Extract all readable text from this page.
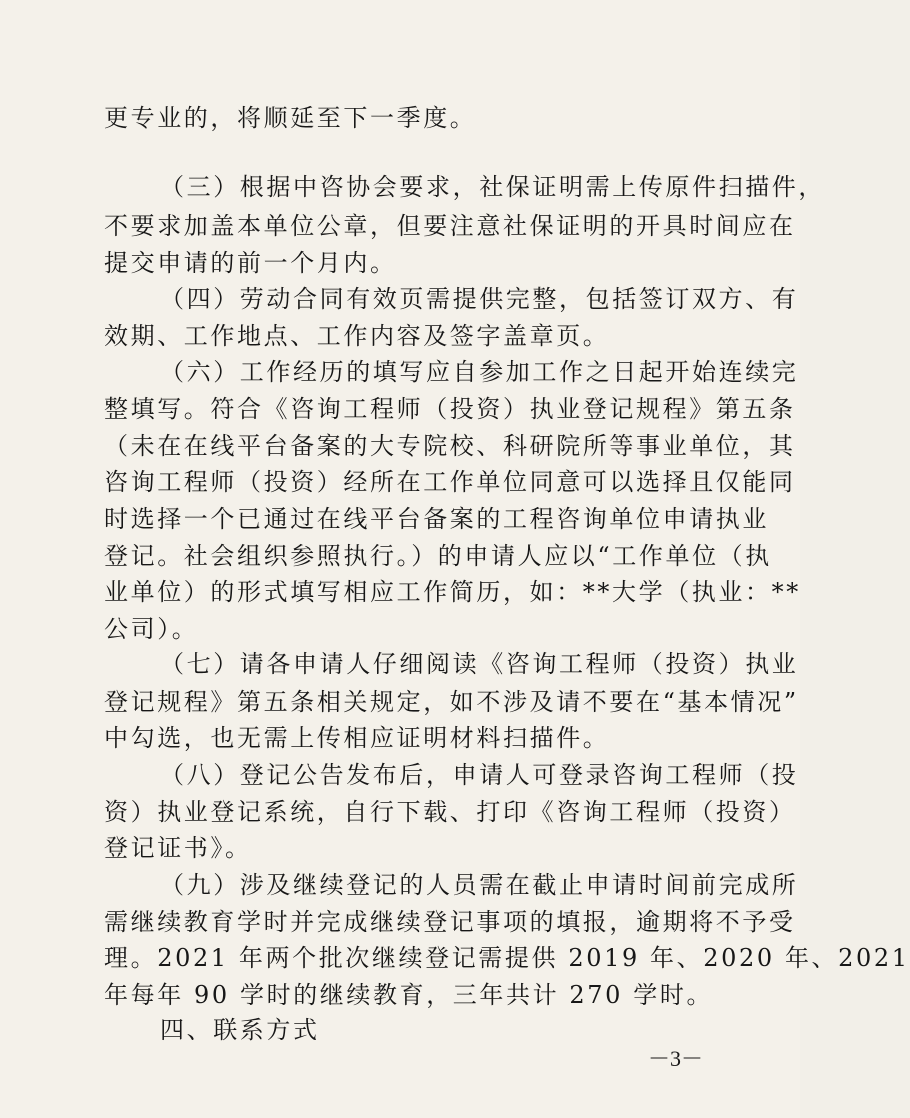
更专业的，将顺延至下一季度。

（三）根据中咨协会要求，社保证明需上传原件扫描件，

不要求加盖本单位公章，但要注意社保证明的开具时间应在

提交申请的前一个月内。

（四）劳动合同有效页需提供完整，包括签订双方、有

效期、工作地点、工作内容及签字盖章页。

（六）工作经历的填写应自参加工作之日起开始连续完

整填写。符合《咨询工程师（投资）执业登记规程》第五条

（未在在线平台备案的大专院校、科研院所等事业单位，其

咨询工程师（投资）经所在工作单位同意可以选择且仅能同

时选择一个已通过在线平台备案的工程咨询单位申请执业

登记。社会组织参照执行。）的申请人应以“工作单位（执

业单位）的形式填写相应工作简历，如：**大学（执业：**

公司）。

（七）请各申请人仔细阅读《咨询工程师（投资）执业

登记规程》第五条相关规定，如不涉及请不要在“基本情况”

中勾选，也无需上传相应证明材料扫描件。

（八）登记公告发布后，申请人可登录咨询工程师（投

资）执业登记系统，自行下载、打印《咨询工程师（投资）

登记证书》。

（九）涉及继续登记的人员需在截止申请时间前完成所

需继续教育学时并完成继续登记事项的填报，逾期将不予受

理。2021 年两个批次继续登记需提供 2019 年、2020 年、2021

年每年 90 学时的继续教育，三年共计 270 学时。

四、联系方式

－3－
